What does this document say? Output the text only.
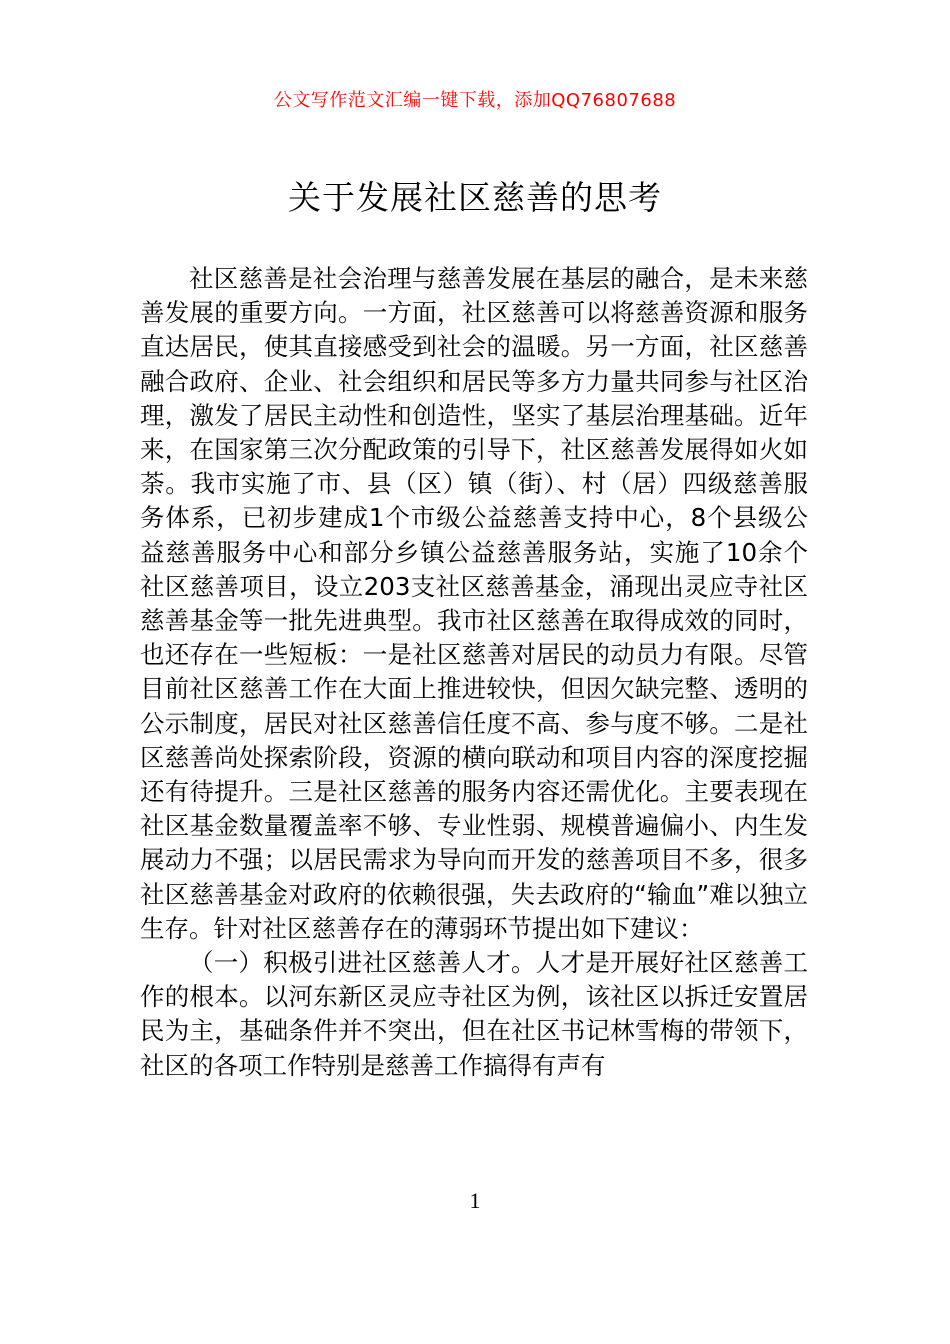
公文写作范文汇编一键下载，添加QQ76807688
关于发展社区慈善的思考

社区慈善是社会治理与慈善发展在基层的融合，是未来慈善发展的重要方向。一方面，社区慈善可以将慈善资源和服务直达居民，使其直接感受到社会的温暖。另一方面，社区慈善融合政府、企业、社会组织和居民等多方力量共同参与社区治理，激发了居民主动性和创造性，坚实了基层治理基础。近年来，在国家第三次分配政策的引导下，社区慈善发展得如火如荼。我市实施了市、县（区）镇（街）、村（居）四级慈善服务体系，已初步建成1个市级公益慈善支持中心，8个县级公益慈善服务中心和部分乡镇公益慈善服务站，实施了10余个社区慈善项目，设立203支社区慈善基金，涌现出灵应寺社区慈善基金等一批先进典型。我市社区慈善在取得成效的同时，也还存在一些短板：一是社区慈善对居民的动员力有限。尽管目前社区慈善工作在大面上推进较快，但因欠缺完整、透明的公示制度，居民对社区慈善信任度不高、参与度不够。二是社区慈善尚处探索阶段，资源的横向联动和项目内容的深度挖掘还有待提升。三是社区慈善的服务内容还需优化。主要表现在社区基金数量覆盖率不够、专业性弱、规模普遍偏小、内生发展动力不强；以居民需求为导向而开发的慈善项目不多，很多社区慈善基金对政府的依赖很强，失去政府的“输血”难以独立生存。针对社区慈善存在的薄弱环节提出如下建议：

（一）积极引进社区慈善人才。人才是开展好社区慈善工作的根本。以河东新区灵应寺社区为例，该社区以拆迁安置居民为主，基础条件并不突出，但在社区书记林雪梅的带领下，社区的各项工作特别是慈善工作搞得有声有

1
